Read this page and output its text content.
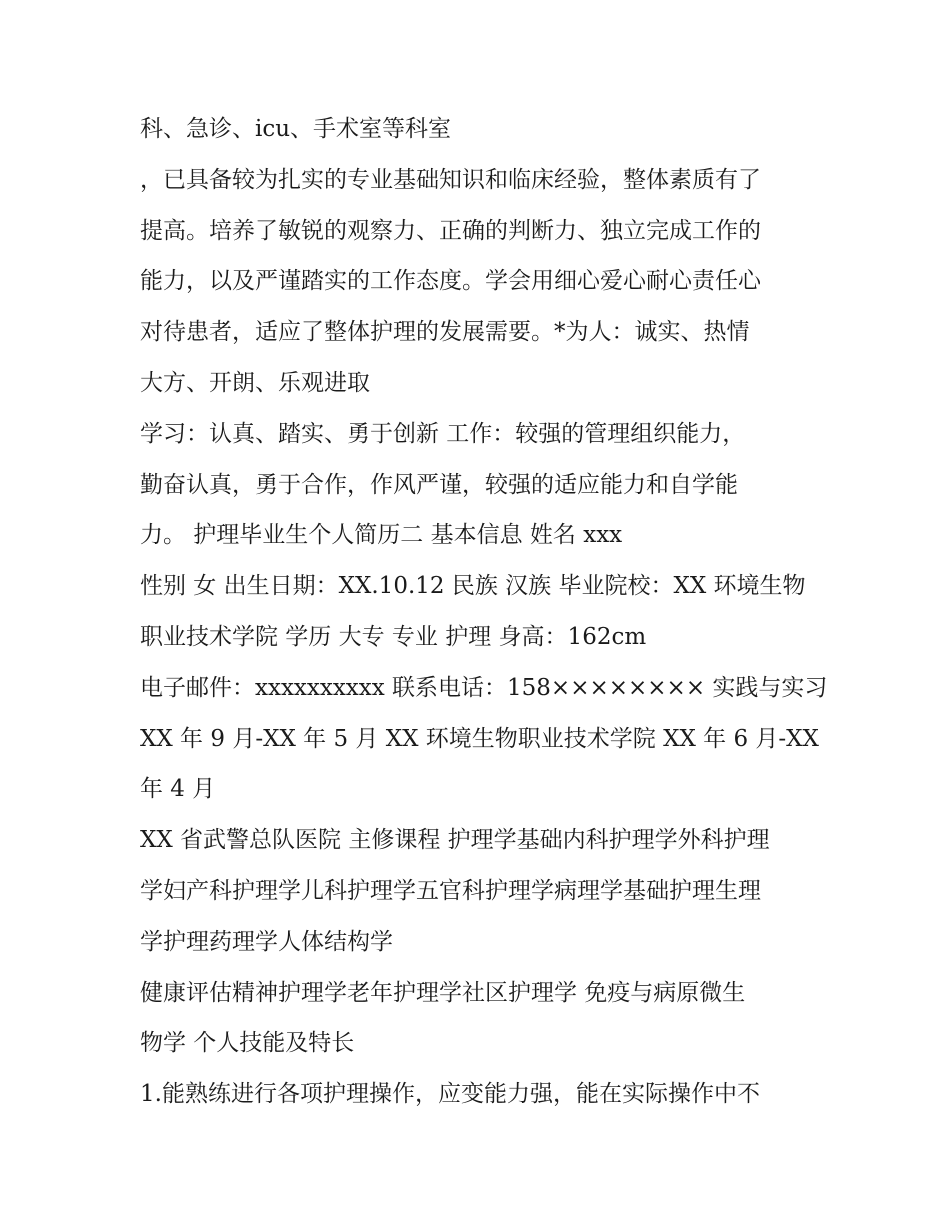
科、急诊、icu、手术室等科室
，已具备较为扎实的专业基础知识和临床经验，整体素质有了
提高。培养了敏锐的观察力、正确的判断力、独立完成工作的
能力，以及严谨踏实的工作态度。学会用细心爱心耐心责任心
对待患者，适应了整体护理的发展需要。*为人：诚实、热情
大方、开朗、乐观进取
学习：认真、踏实、勇于创新 工作：较强的管理组织能力，
勤奋认真，勇于合作，作风严谨，较强的适应能力和自学能
力。 护理毕业生个人简历二 基本信息 姓名 xxx
性别 女 出生日期：XX.10.12 民族 汉族 毕业院校：XX 环境生物
职业技术学院 学历 大专 专业 护理 身高：162cm
电子邮件：xxxxxxxxxx 联系电话：158×××××××× 实践与实习
XX 年 9 月-XX 年 5 月 XX 环境生物职业技术学院 XX 年 6 月-XX
年 4 月
XX 省武警总队医院 主修课程 护理学基础内科护理学外科护理
学妇产科护理学儿科护理学五官科护理学病理学基础护理生理
学护理药理学人体结构学
健康评估精神护理学老年护理学社区护理学 免疫与病原微生
物学 个人技能及特长
1.能熟练进行各项护理操作，应变能力强，能在实际操作中不
